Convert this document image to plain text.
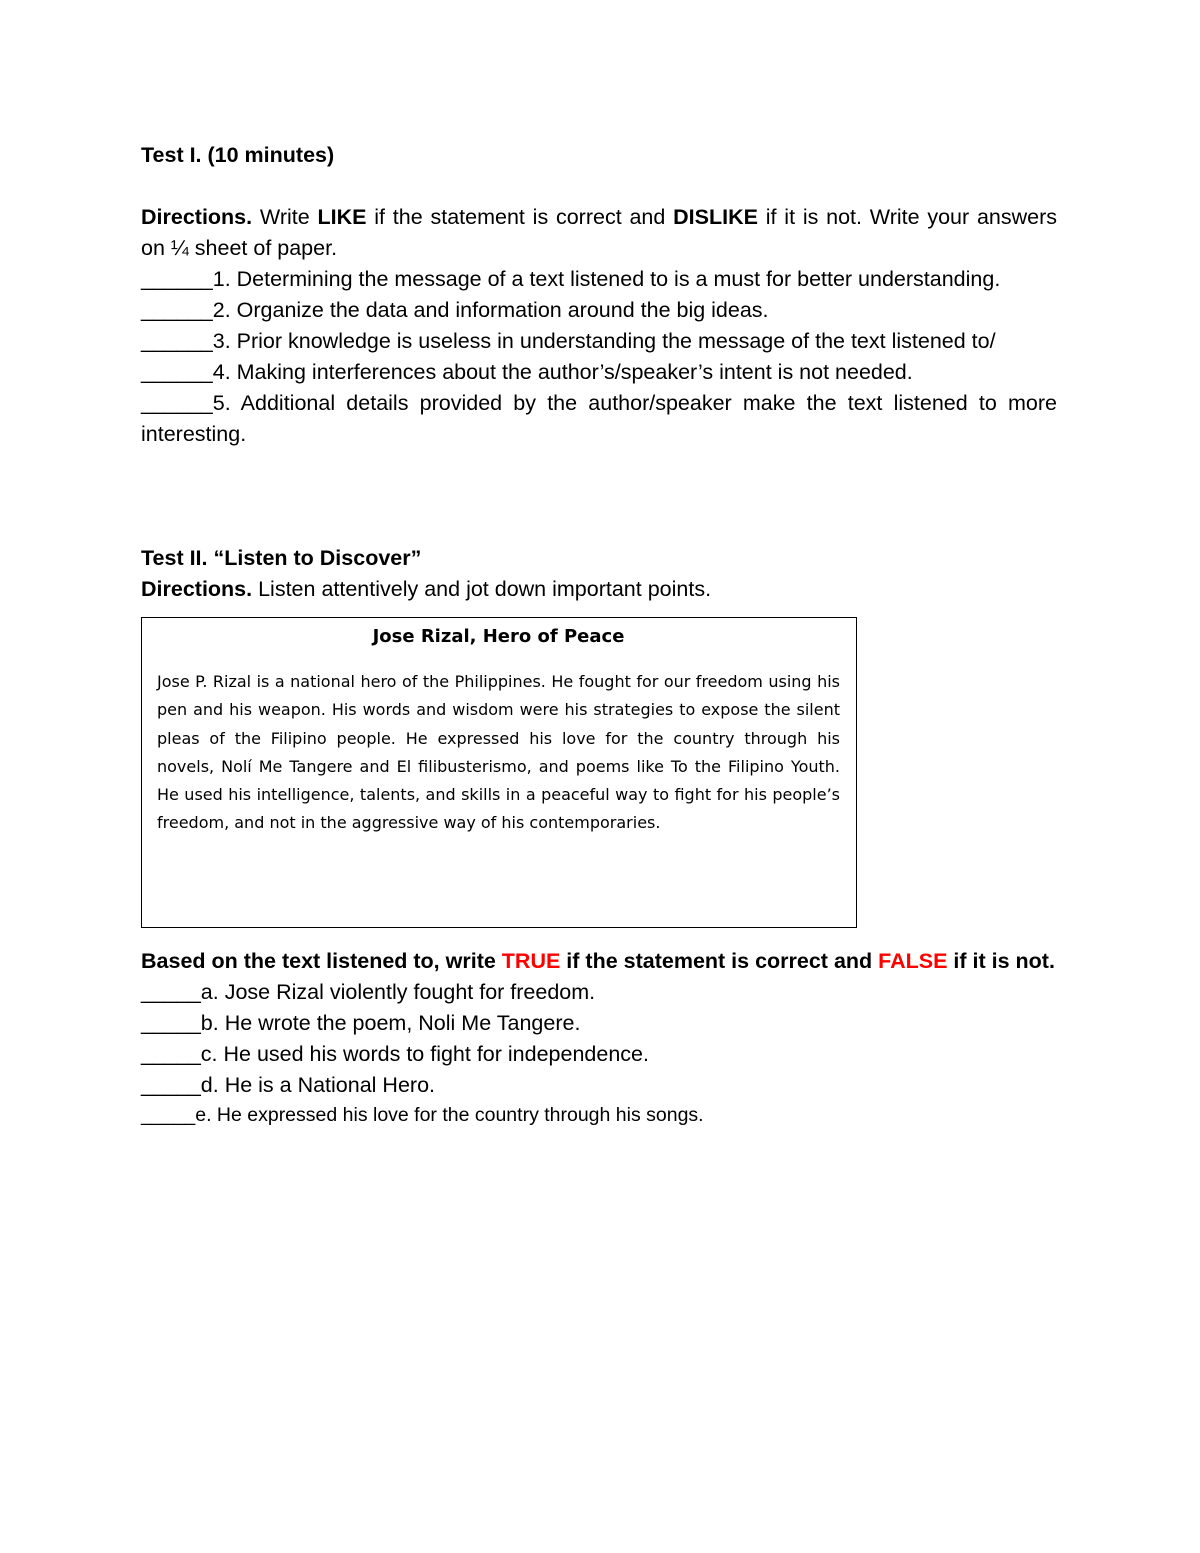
Test I. (10 minutes)

Directions. Write LIKE if the statement is correct and DISLIKE if it is not. Write your answers on ¼ sheet of paper.

______1. Determining the message of a text listened to is a must for better understanding.

______2. Organize the data and information around the big ideas.

______3. Prior knowledge is useless in understanding the message of the text listened to/

______4. Making interferences about the author’s/speaker’s intent is not needed.

______5. Additional details provided by the author/speaker make the text listened to more interesting.

Test II. “Listen to Discover”

Directions. Listen attentively and jot down important points.

Jose Rizal, Hero of Peace

Jose P. Rizal is a national hero of the Philippines. He fought for our freedom using his pen and his weapon. His words and wisdom were his strategies to expose the silent pleas of the Filipino people. He expressed his love for the country through his novels, Nolí Me Tangere and El filibusterismo, and poems like To the Filipino Youth. He used his intelligence, talents, and skills in a peaceful way to fight for his people’s freedom, and not in the aggressive way of his contemporaries.

Based on the text listened to, write TRUE if the statement is correct and FALSE if it is not.

_____a. Jose Rizal violently fought for freedom.

_____b. He wrote the poem, Noli Me Tangere.

_____c. He used his words to fight for independence.

_____d. He is a National Hero.

_____e. He expressed his love for the country through his songs.
